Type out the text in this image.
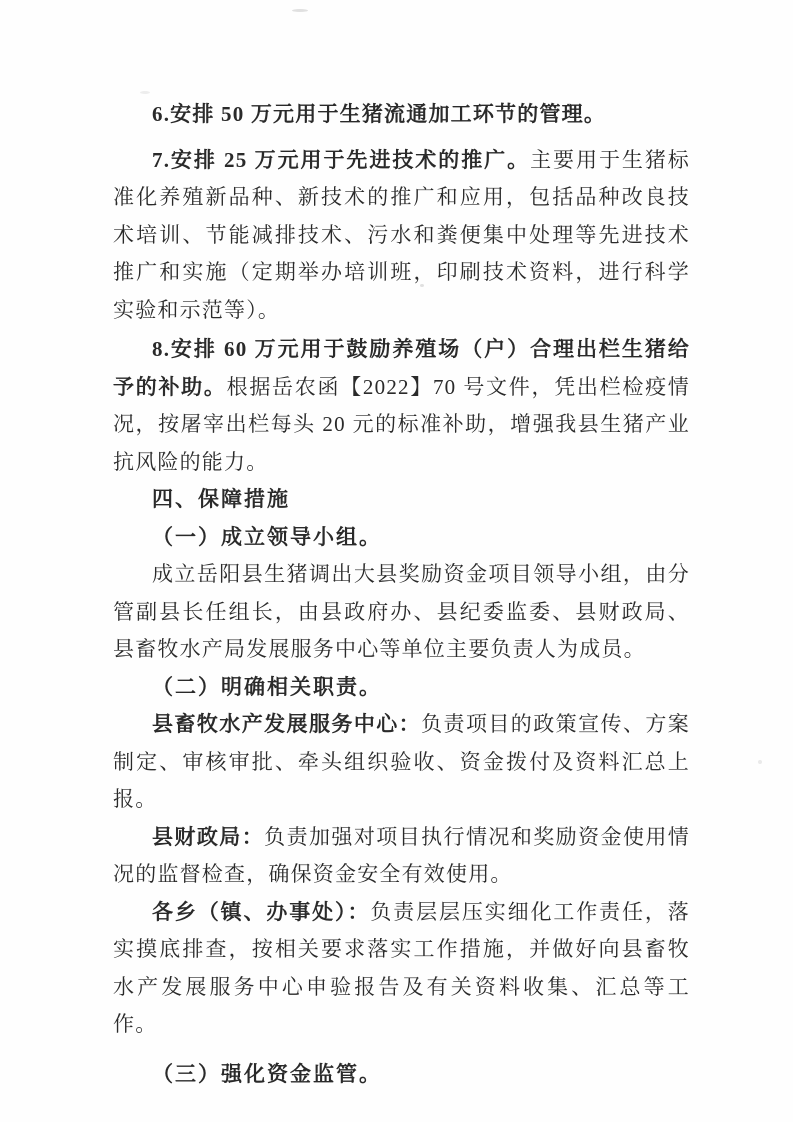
6.安排 50 万元用于生猪流通加工环节的管理。

7.安排 25 万元用于先进技术的推广。主要用于生猪标准化养殖新品种、新技术的推广和应用，包括品种改良技术培训、节能减排技术、污水和粪便集中处理等先进技术推广和实施（定期举办培训班，印刷技术资料，进行科学实验和示范等）。

8.安排 60 万元用于鼓励养殖场（户）合理出栏生猪给予的补助。根据岳农函【2022】70 号文件，凭出栏检疫情况，按屠宰出栏每头 20 元的标准补助，增强我县生猪产业抗风险的能力。

四、保障措施

（一）成立领导小组。

成立岳阳县生猪调出大县奖励资金项目领导小组，由分管副县长任组长，由县政府办、县纪委监委、县财政局、县畜牧水产局发展服务中心等单位主要负责人为成员。

（二）明确相关职责。

县畜牧水产发展服务中心：负责项目的政策宣传、方案制定、审核审批、牵头组织验收、资金拨付及资料汇总上报。

县财政局：负责加强对项目执行情况和奖励资金使用情况的监督检查，确保资金安全有效使用。

各乡（镇、办事处）：负责层层压实细化工作责任，落实摸底排查，按相关要求落实工作措施，并做好向县畜牧水产发展服务中心申验报告及有关资料收集、汇总等工作。

（三）强化资金监管。
